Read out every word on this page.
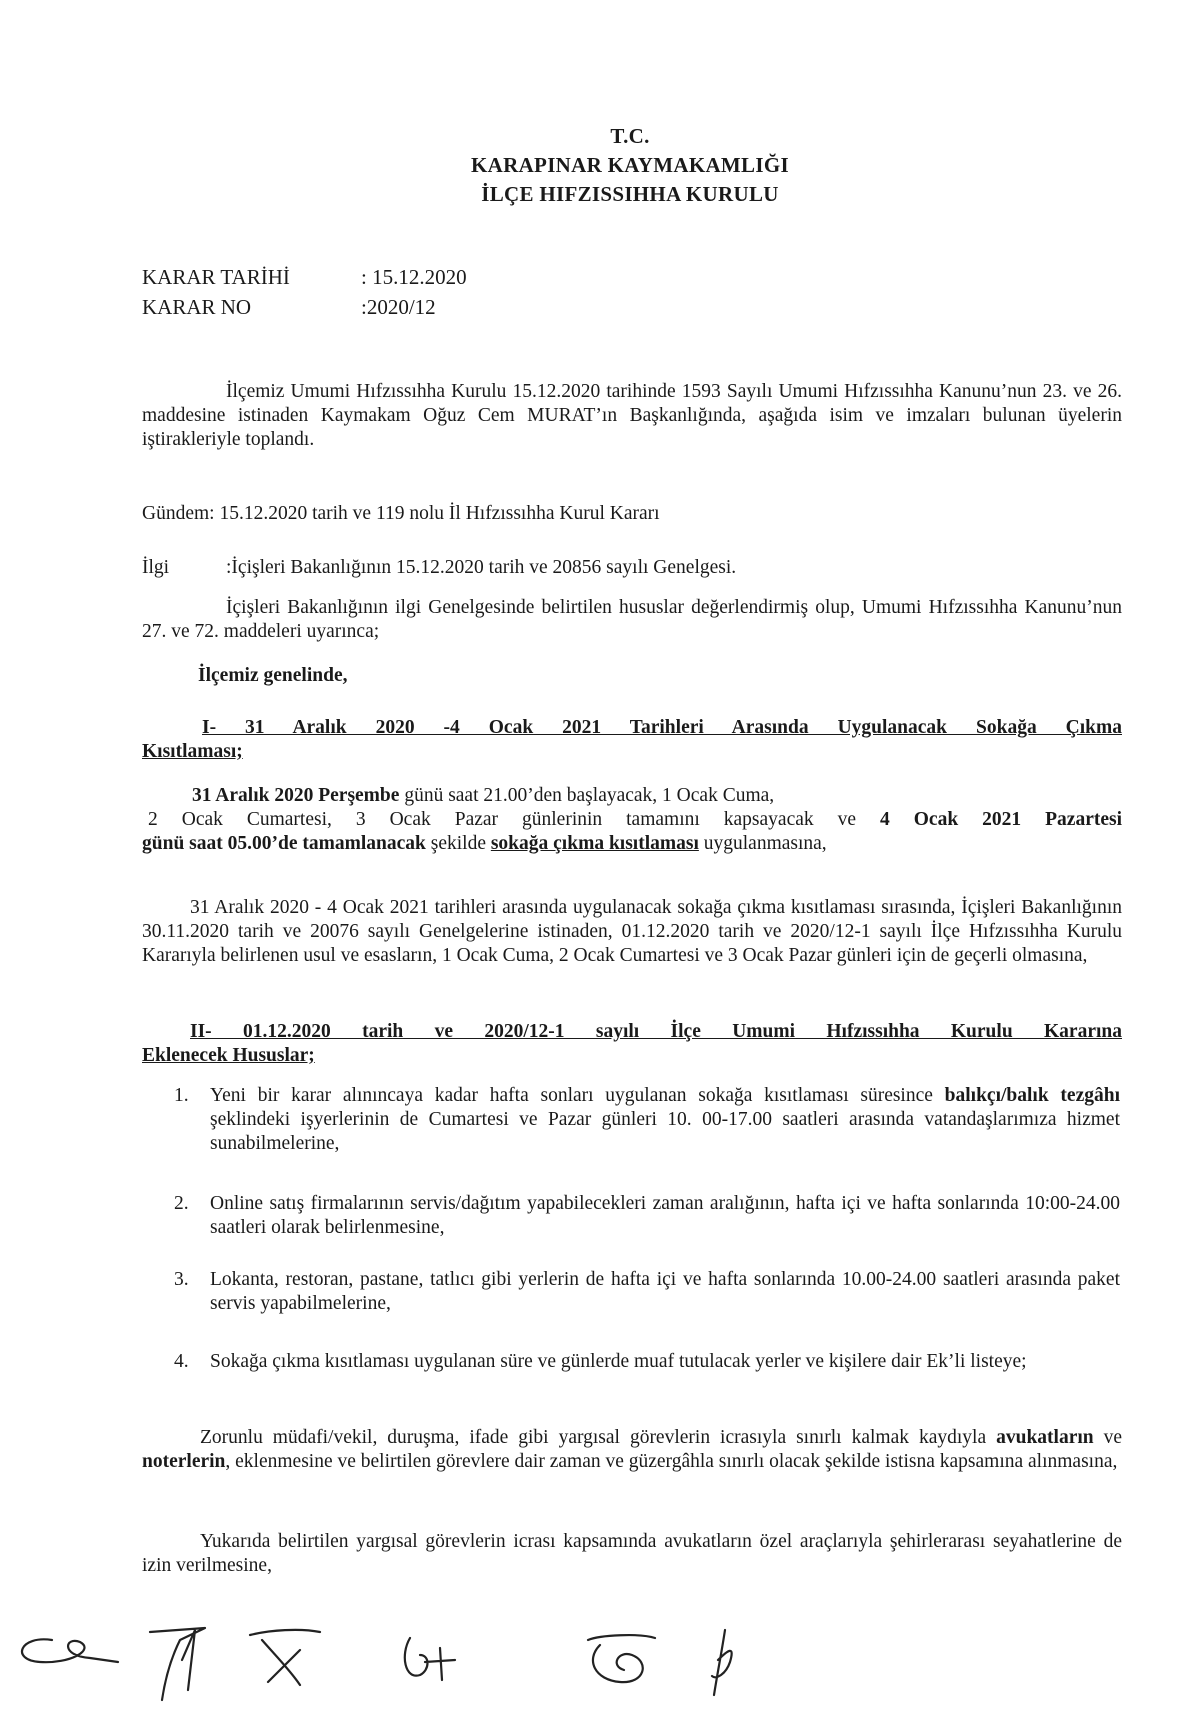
T.C.
KARAPINAR KAYMAKAMLIĞI
İLÇE HIFZISSIHHA KURULU
KARAR TARİHİ	: 15.12.2020
KARAR NO	:2020/12

İlçemiz Umumi Hıfzıssıhha Kurulu 15.12.2020 tarihinde 1593 Sayılı Umumi Hıfzıssıhha Kanunu’nun 23. ve 26. maddesine istinaden Kaymakam Oğuz Cem MURAT’ın Başkanlığında, aşağıda isim ve imzaları bulunan üyelerin iştirakleriyle toplandı.

Gündem: 15.12.2020 tarih ve 119 nolu İl Hıfzıssıhha Kurul Kararı

İlgi	:İçişleri Bakanlığının 15.12.2020 tarih ve 20856 sayılı Genelgesi.

İçişleri Bakanlığının ilgi Genelgesinde belirtilen hususlar değerlendirmiş olup, Umumi Hıfzıssıhha Kanunu’nun 27. ve 72. maddeleri uyarınca;

İlçemiz genelinde,

I- 31 Aralık 2020 -4 Ocak 2021 Tarihleri Arasında Uygulanacak Sokağa Çıkma
Kısıtlaması;
31 Aralık 2020 Perşembe günü saat 21.00’den başlayacak, 1 Ocak Cuma,
2 Ocak Cumartesi, 3 Ocak Pazar günlerinin tamamını kapsayacak ve 4 Ocak 2021 Pazartesi
günü saat 05.00’de tamamlanacak şekilde sokağa çıkma kısıtlaması uygulanmasına,

31 Aralık 2020 - 4 Ocak 2021 tarihleri arasında uygulanacak sokağa çıkma kısıtlaması sırasında, İçişleri Bakanlığının 30.11.2020 tarih ve 20076 sayılı Genelgelerine istinaden, 01.12.2020 tarih ve 2020/12-1 sayılı İlçe Hıfzıssıhha Kurulu Kararıyla belirlenen usul ve esasların, 1 Ocak Cuma, 2 Ocak Cumartesi ve 3 Ocak Pazar günleri için de geçerli olmasına,

II- 01.12.2020 tarih ve 2020/12-1 sayılı İlçe Umumi Hıfzıssıhha Kurulu Kararına
Eklenecek Hususlar;
1.	Yeni bir karar alınıncaya kadar hafta sonları uygulanan sokağa kısıtlaması süresince balıkçı/balık tezgâhı şeklindeki işyerlerinin de Cumartesi ve Pazar günleri 10. 00-17.00 saatleri arasında vatandaşlarımıza hizmet sunabilmelerine,
2.	Online satış firmalarının servis/dağıtım yapabilecekleri zaman aralığının, hafta içi ve hafta sonlarında 10:00-24.00 saatleri olarak belirlenmesine,
3.	Lokanta, restoran, pastane, tatlıcı gibi yerlerin de hafta içi ve hafta sonlarında 10.00-24.00 saatleri arasında paket servis yapabilmelerine,
4.	Sokağa çıkma kısıtlaması uygulanan süre ve günlerde muaf tutulacak yerler ve kişilere dair Ek’li listeye;

Zorunlu müdafi/vekil, duruşma, ifade gibi yargısal görevlerin icrasıyla sınırlı kalmak kaydıyla avukatların ve noterlerin, eklenmesine ve belirtilen görevlere dair zaman ve güzergâhla sınırlı olacak şekilde istisna kapsamına alınmasına,

Yukarıda belirtilen yargısal görevlerin icrası kapsamında avukatların özel araçlarıyla şehirlerarası seyahatlerine de izin verilmesine,
